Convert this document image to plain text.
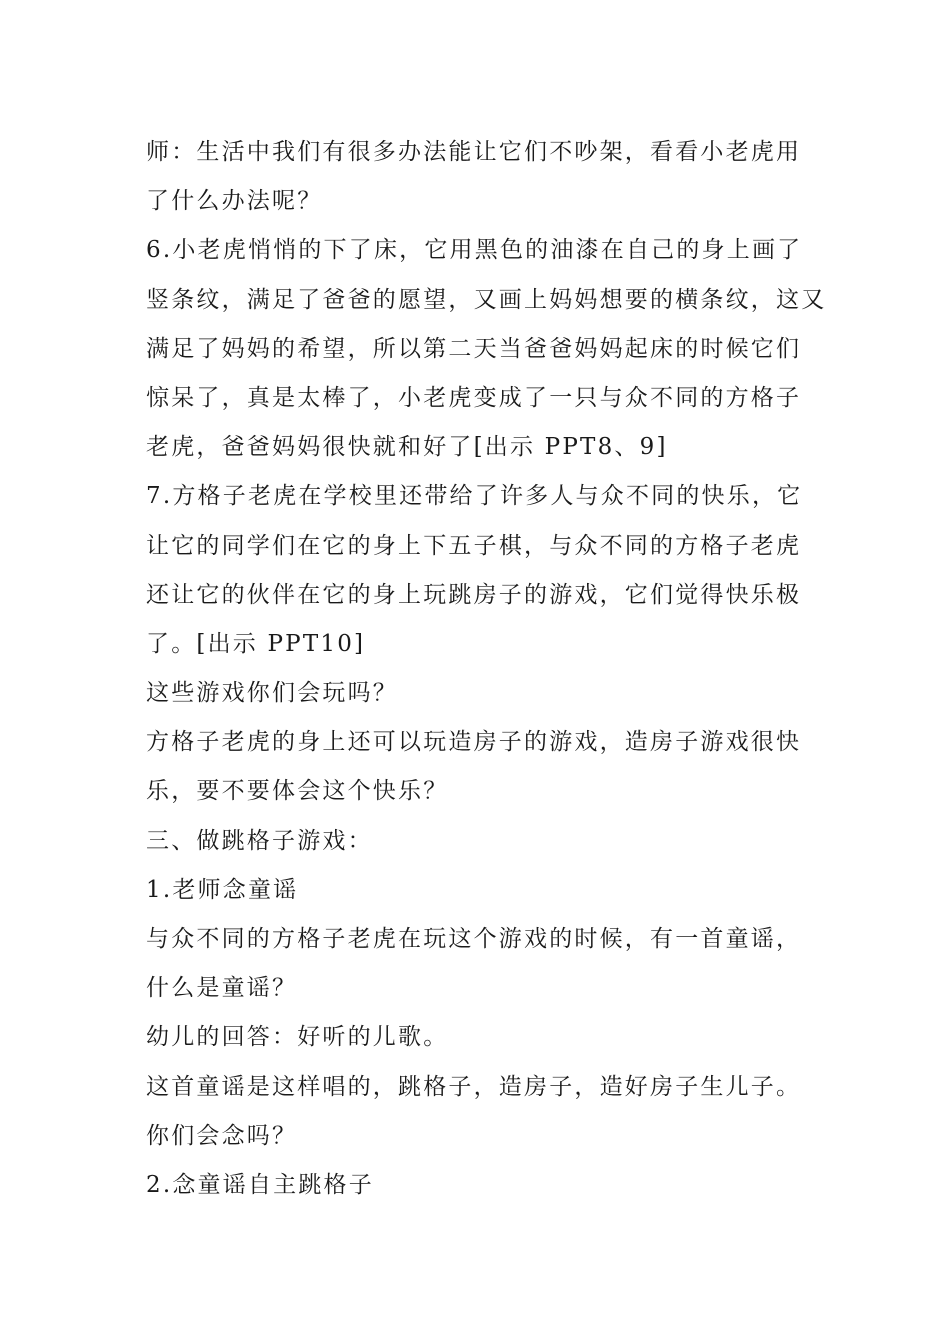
师：生活中我们有很多办法能让它们不吵架，看看小老虎用
了什么办法呢？
6.小老虎悄悄的下了床，它用黑色的油漆在自己的身上画了
竖条纹，满足了爸爸的愿望，又画上妈妈想要的横条纹，这又
满足了妈妈的希望，所以第二天当爸爸妈妈起床的时候它们
惊呆了，真是太棒了，小老虎变成了一只与众不同的方格子
老虎，爸爸妈妈很快就和好了[出示 PPT8、9]
7.方格子老虎在学校里还带给了许多人与众不同的快乐，它
让它的同学们在它的身上下五子棋，与众不同的方格子老虎
还让它的伙伴在它的身上玩跳房子的游戏，它们觉得快乐极
了。[出示 PPT10]
这些游戏你们会玩吗？
方格子老虎的身上还可以玩造房子的游戏，造房子游戏很快
乐，要不要体会这个快乐？
三、做跳格子游戏：
1.老师念童谣
与众不同的方格子老虎在玩这个游戏的时候，有一首童谣，
什么是童谣？
幼儿的回答：好听的儿歌。
这首童谣是这样唱的，跳格子，造房子，造好房子生儿子。
你们会念吗？
2.念童谣自主跳格子
